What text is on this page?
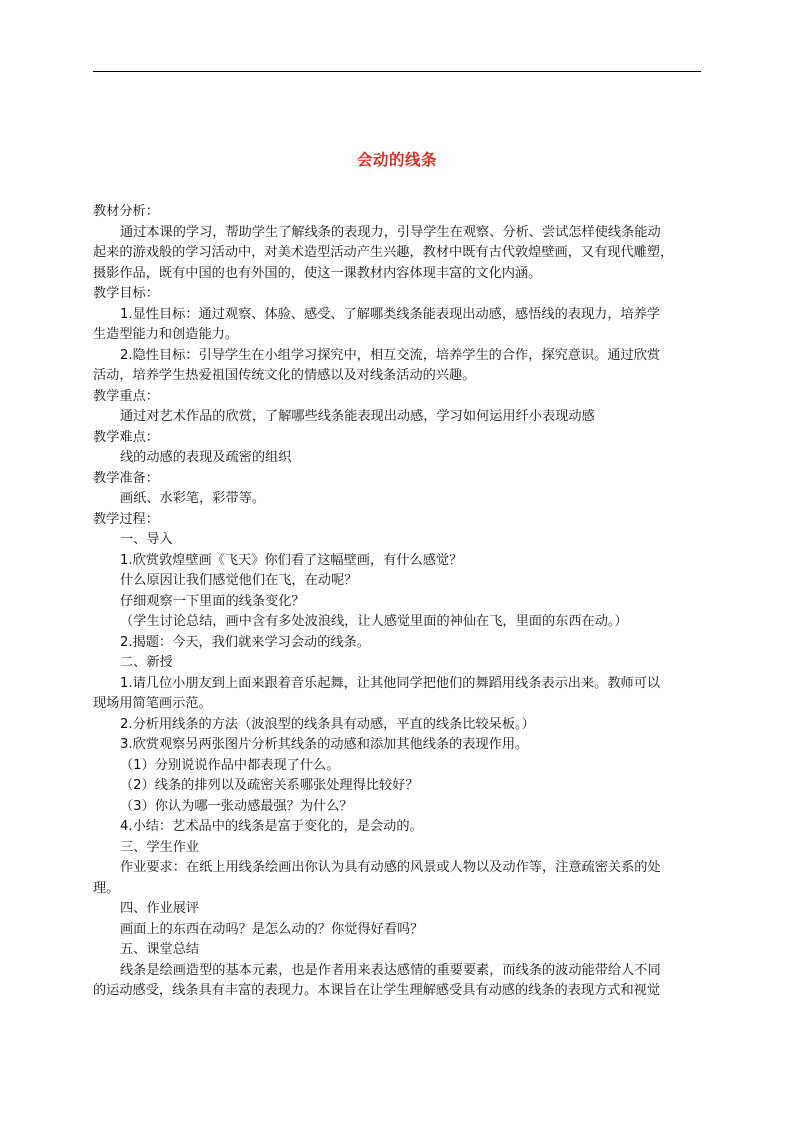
会动的线条
教材分析：
通过本课的学习，帮助学生了解线条的表现力，引导学生在观察、分析、尝试怎样使线条能动
起来的游戏般的学习活动中，对美术造型活动产生兴趣，教材中既有古代敦煌壁画，又有现代雕塑，
摄影作品，既有中国的也有外国的，使这一课教材内容体现丰富的文化内涵。
教学目标：
1.显性目标：通过观察、体验、感受、了解哪类线条能表现出动感，感悟线的表现力，培养学
生造型能力和创造能力。
2.隐性目标：引导学生在小组学习探究中，相互交流，培养学生的合作，探究意识。通过欣赏
活动，培养学生热爱祖国传统文化的情感以及对线条活动的兴趣。
教学重点：
通过对艺术作品的欣赏，了解哪些线条能表现出动感，学习如何运用纤小表现动感
教学难点：
线的动感的表现及疏密的组织
教学准备：
画纸、水彩笔，彩带等。
教学过程：
一、导入
1.欣赏敦煌壁画《飞天》你们看了这幅壁画，有什么感觉？
什么原因让我们感觉他们在飞，在动呢？
仔细观察一下里面的线条变化？
（学生讨论总结，画中含有多处波浪线，让人感觉里面的神仙在飞，里面的东西在动。）
2.揭题：今天，我们就来学习会动的线条。
二、新授
1.请几位小朋友到上面来跟着音乐起舞，让其他同学把他们的舞蹈用线条表示出来。教师可以
现场用简笔画示范。
2.分析用线条的方法（波浪型的线条具有动感，平直的线条比较呆板。）
3.欣赏观察另两张图片分析其线条的动感和添加其他线条的表现作用。
（1）分别说说作品中都表现了什么。
（2）线条的排列以及疏密关系哪张处理得比较好？
（3）你认为哪一张动感最强？为什么？
4.小结：艺术品中的线条是富于变化的，是会动的。
三、学生作业
作业要求：在纸上用线条绘画出你认为具有动感的风景或人物以及动作等，注意疏密关系的处
理。
四、作业展评
画面上的东西在动吗？是怎么动的？你觉得好看吗？
五、课堂总结
线条是绘画造型的基本元素，也是作者用来表达感情的重要要素，而线条的波动能带给人不同
的运动感受，线条具有丰富的表现力。本课旨在让学生理解感受具有动感的线条的表现方式和视觉
